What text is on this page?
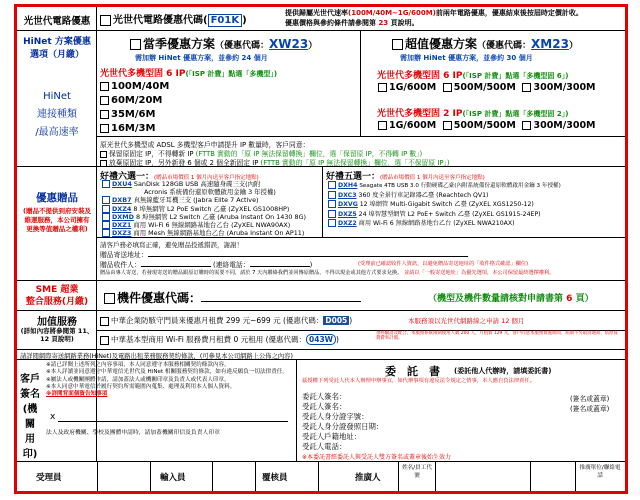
光世代電路優惠	光世代電路優惠代碼( F01K )
提供歸屬光世代速率(100M/40M~1G/600M)前兩年電路優惠，優惠結束後按屆時定價計收。
優惠價格與參約條件請參閱第 23 頁說明。
HiNet 方案優惠
選項（月繳）
HiNet
連接種類
/最高速率
當季優惠方案（優惠代碼：XW23）
需加辦 HiNet 優惠方案，並參約 24 個月
光世代多機型固 6 IP(「ISP 計費」點選「多機型」)
100M/40M
60M/20M
35M/6M
16M/3M
超值優惠方案（優惠代碼：XM23）
需加辦 HiNet 優惠方案，並參約 30 個月
光世代多機型固 6 IP(「ISP 計費」點選「多機型固 6」)
1G/600M 500M/500M 300M/300M
光世代多機型固 2 IP(「ISP 計費」點選「多機型固 2」)
1G/600M 500M/500M 300M/300M
原光世代多機型或 ADSL 多機型客戶申請提升 IP 數量時，客戶同意：
保留原固定 IP，不得轉新 IP (FTTB 實動的「原 IP 無法保留轉換」欄位，選「保留原 IP，不得轉 IP 數」)
放棄原固定 IP，另外新發 6 個或 2 個全新固定 IP (FTTB 實動的「原 IP 無法保留轉換」欄位，選「不保留原 IP」)
優惠贈品
(贈品不提供到府安裝及維運服務，本公司擁有更換等值贈品之權利)
好禮六選一：(贈品市場價值 1 個月內送至客戶指定地點)
DXU4 SanDisk 128GB USB 高速隨身碟三支(內附
Acronis 系統備份還原軟體啟用金鑰 3 年授權)
DXB7 真無線藍牙耳機三支 (Jabra Elite 7 Active)
DXZ4 8 埠無網管 L2 PoE Switch 乙臺 (ZyXEL GS1008HP)
DXMD 8 埠無網管 L2 Switch 乙臺 (Aruba Instant On 1430 8G)
DXZ1 商用 Wi-Fi 6 無線網路基地台乙台 (ZyXEL NWA90AX)
DXZ3 商用 Mesh 無線網路基地台乙台 (Aruba Instant On AP11)
好禮五選一：(贈品市場價值 1 個月內送至客戶指定地點)
DXH4 Seagate 4TB USB 3.0 行動硬碟乙臺(內附系統備份還原軟體啟用金鑰 3 年授權)
DXC3 360 度全景行車記錄器乙臺 (Reachtech QV1)
DXVG 12 埠網管 Multi-Gigabit Switch 乙臺 (ZyXEL XGS1250-12)
DXZ5 24 埠智慧型網管 L2 PoE+ Switch 乙臺 (ZyXEL GS1915-24EP)
DXZ2 商用 Wi-Fi 6 無線網路基地台乙台 (ZyXEL NWA210AX)
請客戶務必填寫正確，避免贈品投遞錯誤，謝謝！
贈品寄送地址：
贈品收件人：	(連絡電話：	)	(受理前已確認收件人資訊，以避免贈品寄送地址的「收件格式確認」欄位)
贈品由專人寄送，若發現寄送的贈品跟原訂購時的需要不同，請於 7 天內聯絡我們並回傳原贈品，不得以現金或其他方式要求兌換。 並請以「一般寄送地址」為優先選項，本公司保留最終選擇權利。
SME 超業
整合服務(月繳)	機件優惠代碼：	（機型及機件數量請核對申請書第 6 頁）
加值服務
(詳如內容將參閱第 11、12 頁說明)
中華企業防駭守門員來優惠月租費 299 元~699 元 (優惠代碼： D005 )	本服務須以光世代網路線之申請 12 個月
中華基本型商用 Wi-Fi 服務費月租費 0 元租用 (優惠代碼： 043W )
須經驗證及配合，本服務系統限制使用人數 200 人，月租費 129 元，客戶同意本服務實施期間，屆期不另取消通知，依原資費費率計價。
請詳閱網際寄送網路業務(HiNet)及電路出租業務服務契約條款，(可參見本公司網路上公佈之內容)
客戶
簽名
(機關
用印)
※請已詳閱上述所列之內容事項，本人同意遵守本服務相關契約條款內容。
※本人詳讀並同意遵守中華電信光世代及 HiNet 相關服務契約條款，如有違反願負一切法律責任。
※屬法人或機關團體申請，請加蓋法人或機關印章及負責人或代表人印章。
※本人同意中華電信於履行契約所需範圍內蒐集、處理及利用本人個人資料。
※詳閱背面個資告知事項
x
法人及政府機關、學校及團體申請時，請加蓋機關印信及負責人印章
委　託　書 (委託他人代辦時，請填委託書)
茲授權下列受託人代本人辦理申辦事宜，如代辦事項有違反法令規定之情事，本人應自負法律責任。
委託人簽名：
受託人簽名：
受託人身分證字號：
受託人身分證發照日期：
受託人戶籍地址：
受託人電話：
(簽名或蓋章)
(簽名或蓋章)
※本委託書經委託人與受託人雙方簽名或蓋章後始生效力
受理員	輸入員	覆核員	推廣人
姓名/員工代號
推廣單位/聯絡電話
